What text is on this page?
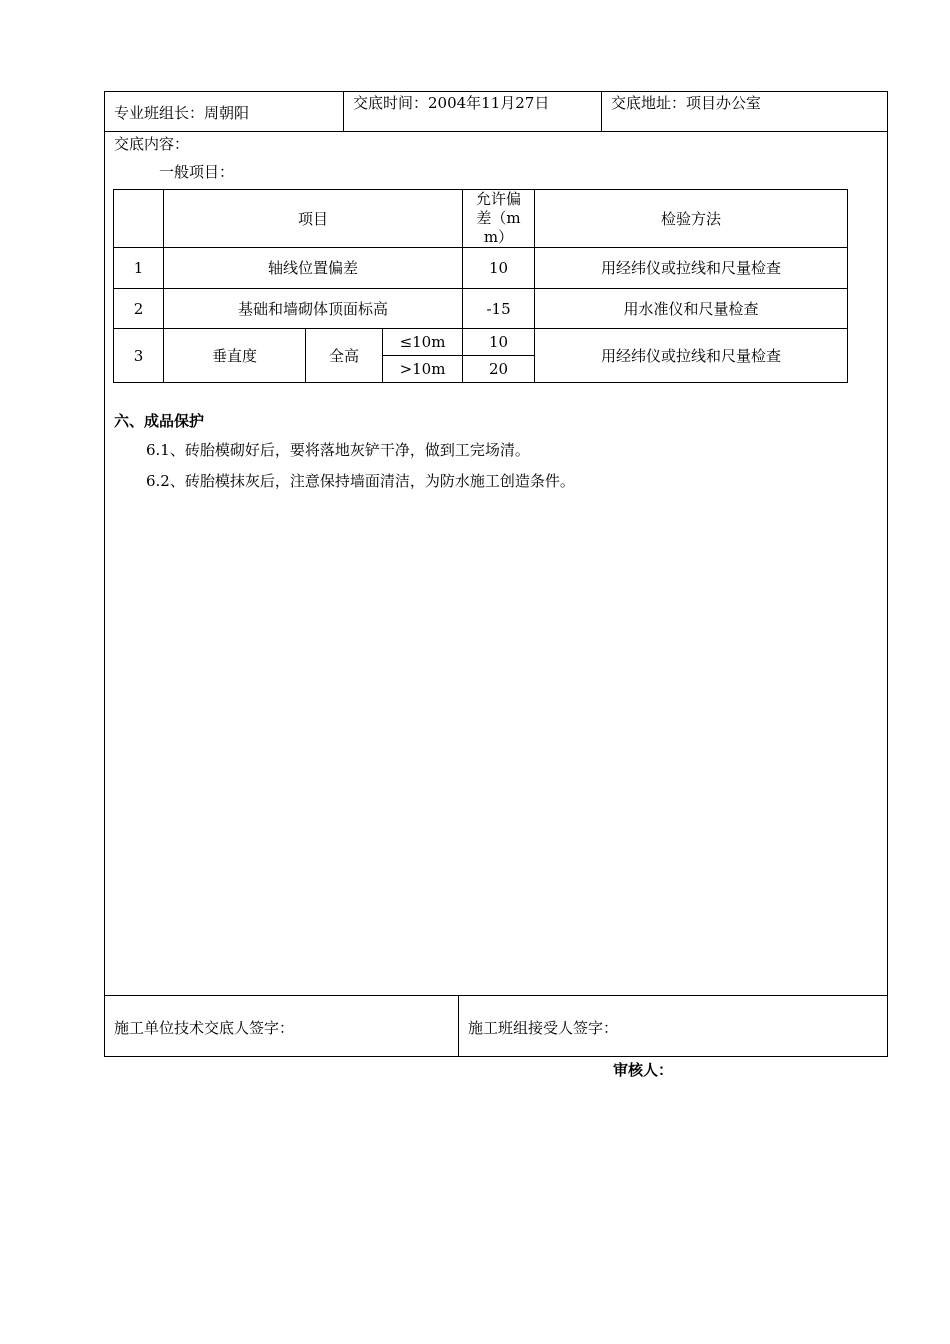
专业班组长：周朝阳
交底时间：2004年11月27日	交底地址：项目办公室
交底内容：
一般项目：
	项目			允许偏差（mm）	检验方法
1	轴线位置偏差			10	用经纬仪或拉线和尺量检查
2	基础和墙砌体顶面标高			-15	用水准仪和尺量检查
3	垂直度	全高	≤10m	10	用经纬仪或拉线和尺量检查
			>10m	20	
六、成品保护
6.1、砖胎模砌好后，要将落地灰铲干净，做到工完场清。
6.2、砖胎模抹灰后，注意保持墙面清洁，为防水施工创造条件。
施工单位技术交底人签字：	施工班组接受人签字：
审核人：
